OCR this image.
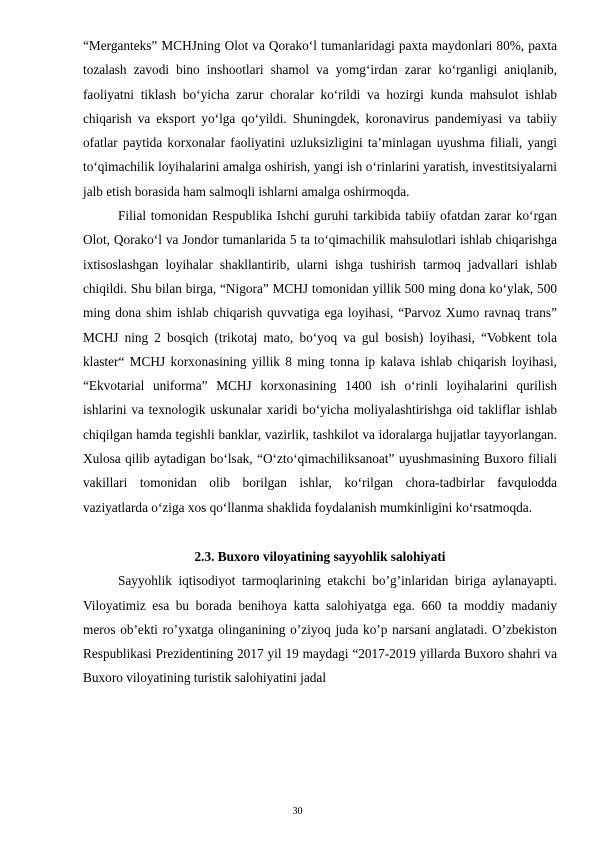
“Merganteks” MCHJning Olot va Qorako‘l tumanlaridagi paxta maydonlari 80%, paxta tozalash zavodi bino inshootlari shamol va yomg‘irdan zarar ko‘rganligi aniqlanib, faoliyatni tiklash bo‘yicha zarur choralar ko‘rildi va hozirgi kunda mahsulot ishlab chiqarish va eksport yo‘lga qo‘yildi. Shuningdek, koronavirus pandemiyasi va tabiiy ofatlar paytida korxonalar faoliyatini uzluksizligini ta’minlagan uyushma filiali, yangi to‘qimachilik loyihalarini amalga oshirish, yangi ish o‘rinlarini yaratish, investitsiyalarni jalb etish borasida ham salmoqli ishlarni amalga oshirmoqda.

Filial tomonidan Respublika Ishchi guruhi tarkibida tabiiy ofatdan zarar ko‘rgan Olot, Qorako‘l va Jondor tumanlarida 5 ta to‘qimachilik mahsulotlari ishlab chiqarishga ixtisoslashgan loyihalar shakllantirib, ularni ishga tushirish tarmoq jadvallari ishlab chiqildi. Shu bilan birga, “Nigora” MCHJ tomonidan yillik 500 ming dona ko‘ylak, 500 ming dona shim ishlab chiqarish quvvatiga ega loyihasi, “Parvoz Xumo ravnaq trans” MCHJ ning 2 bosqich (trikotaj mato, bo‘yoq va gul bosish) loyihasi, “Vobkent tola klaster“ MCHJ korxonasining yillik 8 ming tonna ip kalava ishlab chiqarish loyihasi, “Ekvotarial uniforma” MCHJ korxonasining 1400 ish o‘rinli loyihalarini qurilish ishlarini va texnologik uskunalar xaridi bo‘yicha moliyalashtirishga oid takliflar ishlab chiqilgan hamda tegishli banklar, vazirlik, tashkilot va idoralarga hujjatlar tayyorlangan. Xulosa qilib aytadigan bo‘lsak, “O‘zto‘qimachiliksanoat” uyushmasining Buxoro filiali vakillari tomonidan olib borilgan ishlar, ko‘rilgan chora-tadbirlar favqulodda vaziyatlarda o‘ziga xos qo‘llanma shaklida foydalanish mumkinligini ko‘rsatmoqda.

2.3. Buxoro viloyatining sayyohlik salohiyati

Sayyohlik iqtisodiyot tarmoqlarining etakchi bo’g’inlaridan biriga aylanayapti. Viloyatimiz esa bu borada benihoya katta salohiyatga ega. 660 ta moddiy madaniy meros ob’ekti ro’yxatga olinganining o’ziyoq juda ko’p narsani anglatadi. O’zbekiston Respublikasi Prezidentining 2017 yil 19 maydagi “2017-2019 yillarda Buxoro shahri va Buxoro viloyatining turistik salohiyatini jadal

30
